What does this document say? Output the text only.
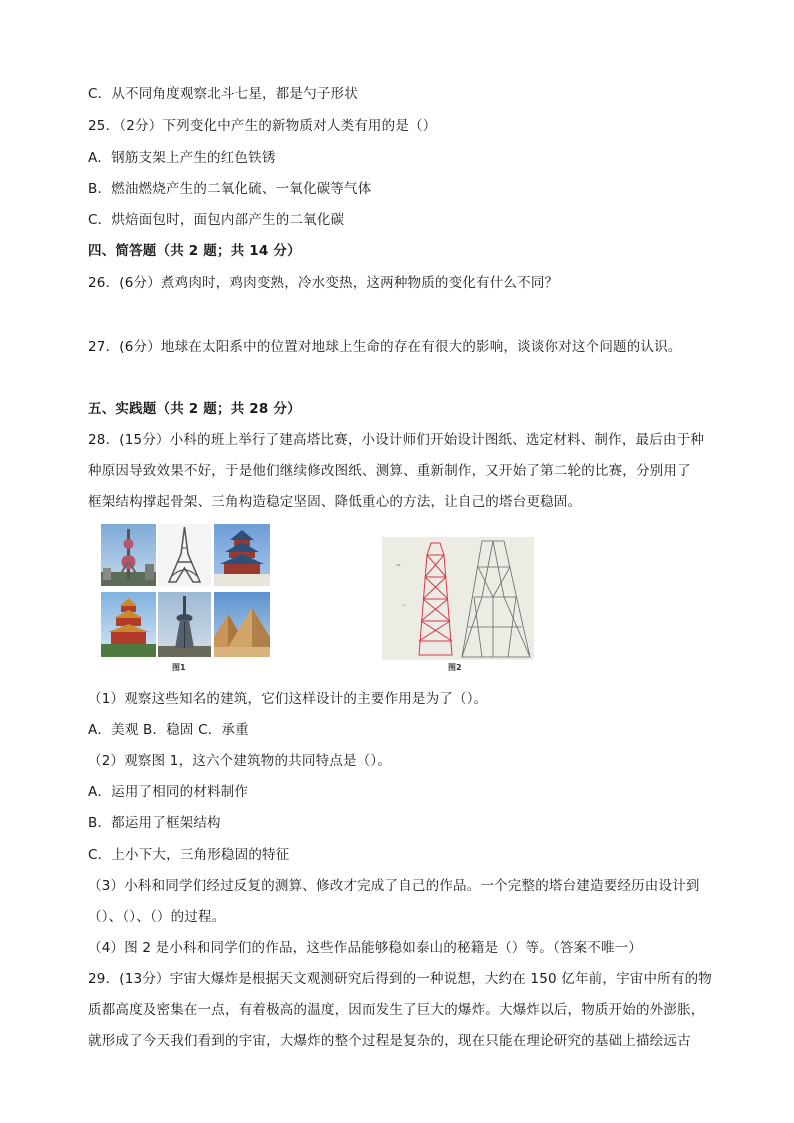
C．从不同角度观察北斗七星，都是勺子形状
25．（2分）下列变化中产生的新物质对人类有用的是（）
A．钢筋支架上产生的红色铁锈
B．燃油燃烧产生的二氧化硫、一氧化碳等气体
C．烘焙面包时，面包内部产生的二氧化碳
四、简答题（共 2 题；共 14 分）
26．(6分）煮鸡肉时，鸡肉变熟，冷水变热，这两种物质的变化有什么不同？
27．(6分）地球在太阳系中的位置对地球上生命的存在有很大的影响，谈谈你对这个问题的认识。
五、实践题（共 2 题；共 28 分）
28．(15分）小科的班上举行了建高塔比赛，小设计师们开始设计图纸、选定材料、制作，最后由于种
种原因导致效果不好，于是他们继续修改图纸、测算、重新制作，又开始了第二轮的比赛，分别用了
框架结构撑起骨架、三角构造稳定坚固、降低重心的方法，让自己的塔台更稳固。
图1
≈
~
图2
（1）观察这些知名的建筑，它们这样设计的主要作用是为了（）。
A．美观 B．稳固 C．承重
（2）观察图 1，这六个建筑物的共同特点是（）。
A．运用了相同的材料制作
B．都运用了框架结构
C．上小下大，三角形稳固的特征
（3）小科和同学们经过反复的测算、修改才完成了自己的作品。一个完整的塔台建造要经历由设计到
（）、（）、（）的过程。
（4）图 2 是小科和同学们的作品，这些作品能够稳如泰山的秘籍是（）等。（答案不唯一）
29．(13分）宇宙大爆炸是根据天文观测研究后得到的一种说想，大约在 150 亿年前，宇宙中所有的物
质都高度及密集在一点，有着极高的温度，因而发生了巨大的爆炸。大爆炸以后，物质开始的外澎胀，
就形成了今天我们看到的宇宙，大爆炸的整个过程是复杂的，现在只能在理论研究的基础上描绘远古
